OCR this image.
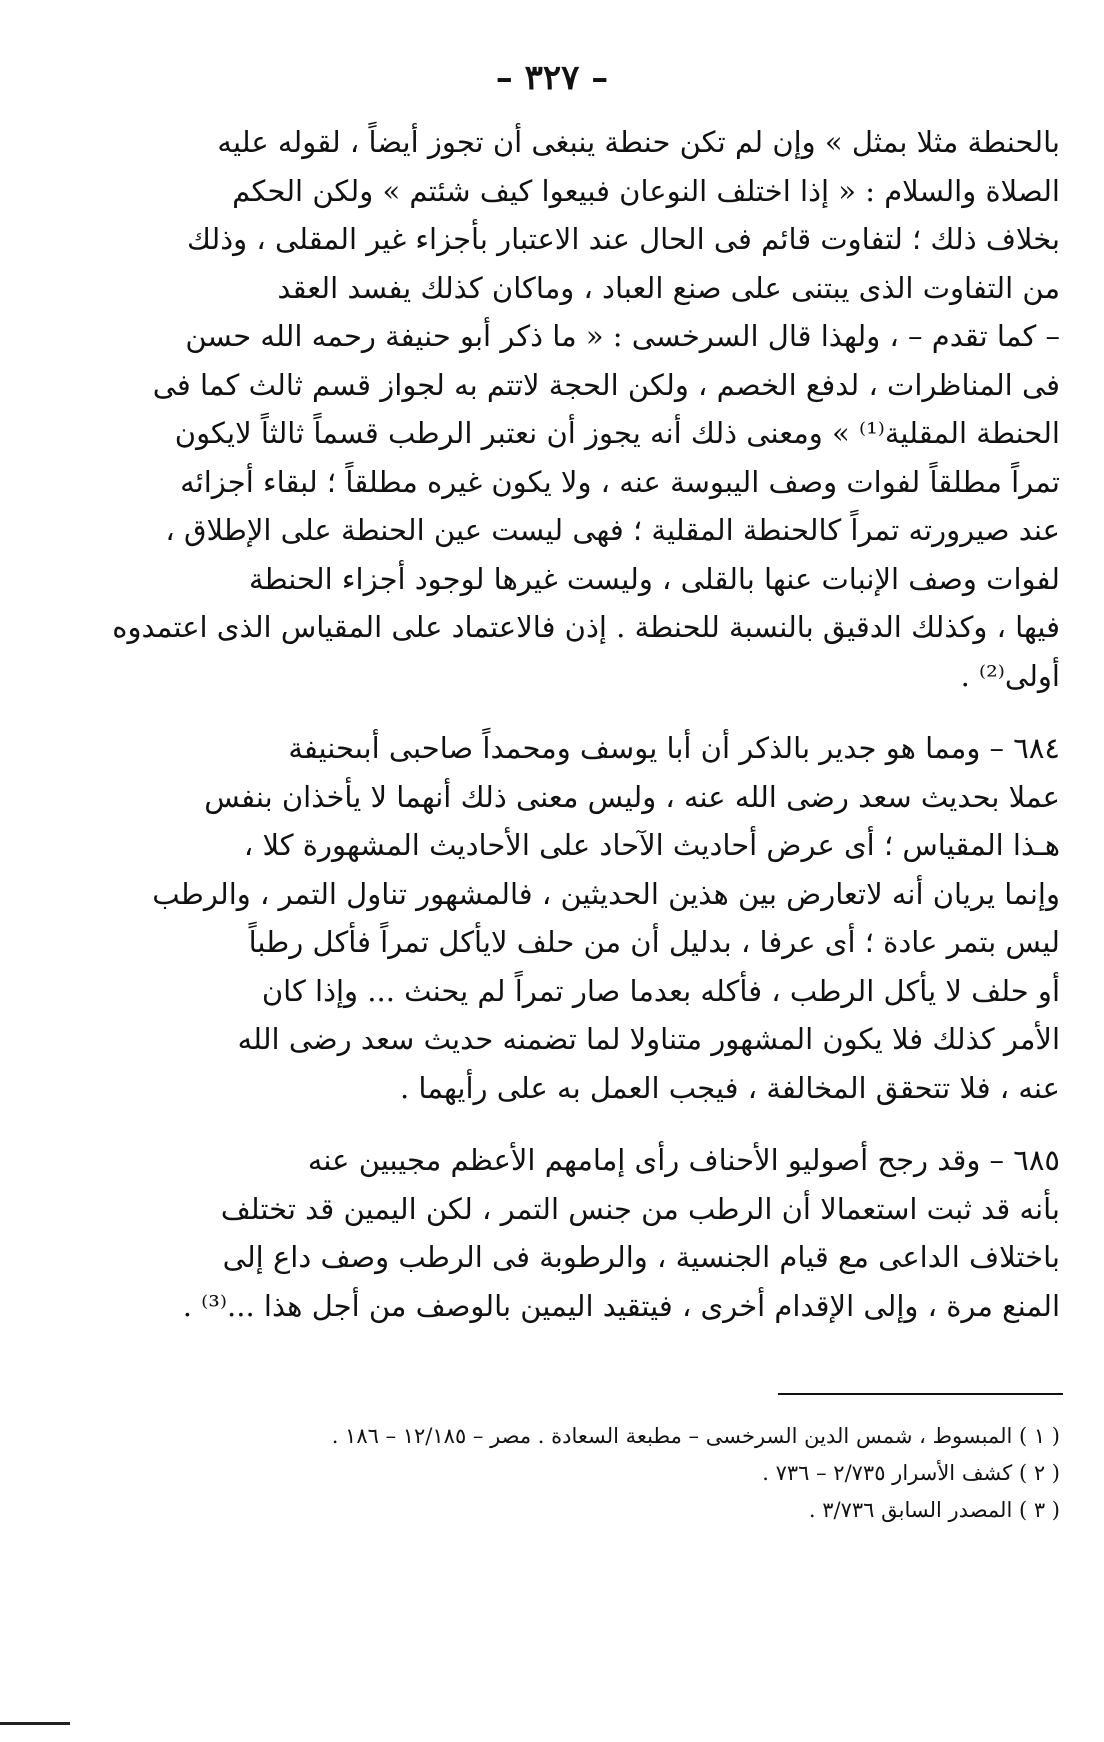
– ٣٢٧ –
بالحنطة مثلا بمثل » وإن لم تكن حنطة ينبغى أن تجوز أيضاً ، لقوله عليه
الصلاة والسلام : « إذا اختلف النوعان فبيعوا كيف شئتم » ولكن الحكم
بخلاف ذلك ؛ لتفاوت قائم فى الحال عند الاعتبار بأجزاء غير المقلى ، وذلك
من التفاوت الذى يبتنى على صنع العباد ، وماكان كذلك يفسد العقد
– كما تقدم – ، ولهذا قال السرخسى : « ما ذكر أبو حنيفة رحمه الله حسن
فى المناظرات ، لدفع الخصم ، ولكن الحجة لاتتم به لجواز قسم ثالث كما فى
الحنطة المقلية⁽¹⁾ » ومعنى ذلك أنه يجوز أن نعتبر الرطب قسماً ثالثاً لايكون
تمراً مطلقاً لفوات وصف اليبوسة عنه ، ولا يكون غيره مطلقاً ؛ لبقاء أجزائه
عند صيرورته تمراً كالحنطة المقلية ؛ فهى ليست عين الحنطة على الإطلاق ،
لفوات وصف الإنبات عنها بالقلى ، وليست غيرها لوجود أجزاء الحنطة
فيها ، وكذلك الدقيق بالنسبة للحنطة . إذن فالاعتماد على المقياس الذى اعتمدوه
أولى⁽²⁾ .
٦٨٤ – ومما هو جدير بالذكر أن أبا يوسف ومحمداً صاحبى أبىحنيفة
عملا بحديث سعد رضى الله عنه ، وليس معنى ذلك أنهما لا يأخذان بنفس
هـذا المقياس ؛ أى عرض أحاديث الآحاد على الأحاديث المشهورة كلا ،
وإنما يريان أنه لاتعارض بين هذين الحديثين ، فالمشهور تناول التمر ، والرطب
ليس بتمر عادة ؛ أى عرفا ، بدليل أن من حلف لايأكل تمراً فأكل رطباً
أو حلف لا يأكل الرطب ، فأكله بعدما صار تمراً لم يحنث ... وإذا كان
الأمر كذلك فلا يكون المشهور متناولا لما تضمنه حديث سعد رضى الله
عنه ، فلا تتحقق المخالفة ، فيجب العمل به على رأيهما .
٦٨٥ – وقد رجح أصوليو الأحناف رأى إمامهم الأعظم مجيبين عنه
بأنه قد ثبت استعمالا أن الرطب من جنس التمر ، لكن اليمين قد تختلف
باختلاف الداعى مع قيام الجنسية ، والرطوبة فى الرطب وصف داع إلى
المنع مرة ، وإلى الإقدام أخرى ، فيتقيد اليمين بالوصف من أجل هذا ...⁽³⁾ .
( ١ ) المبسوط ، شمس الدين السرخسى – مطبعة السعادة . مصر – ١٢/١٨٥ – ١٨٦ .
( ٢ ) كشف الأسرار ٢/٧٣٥ – ٧٣٦ .
( ٣ ) المصدر السابق ٣/٧٣٦ .
